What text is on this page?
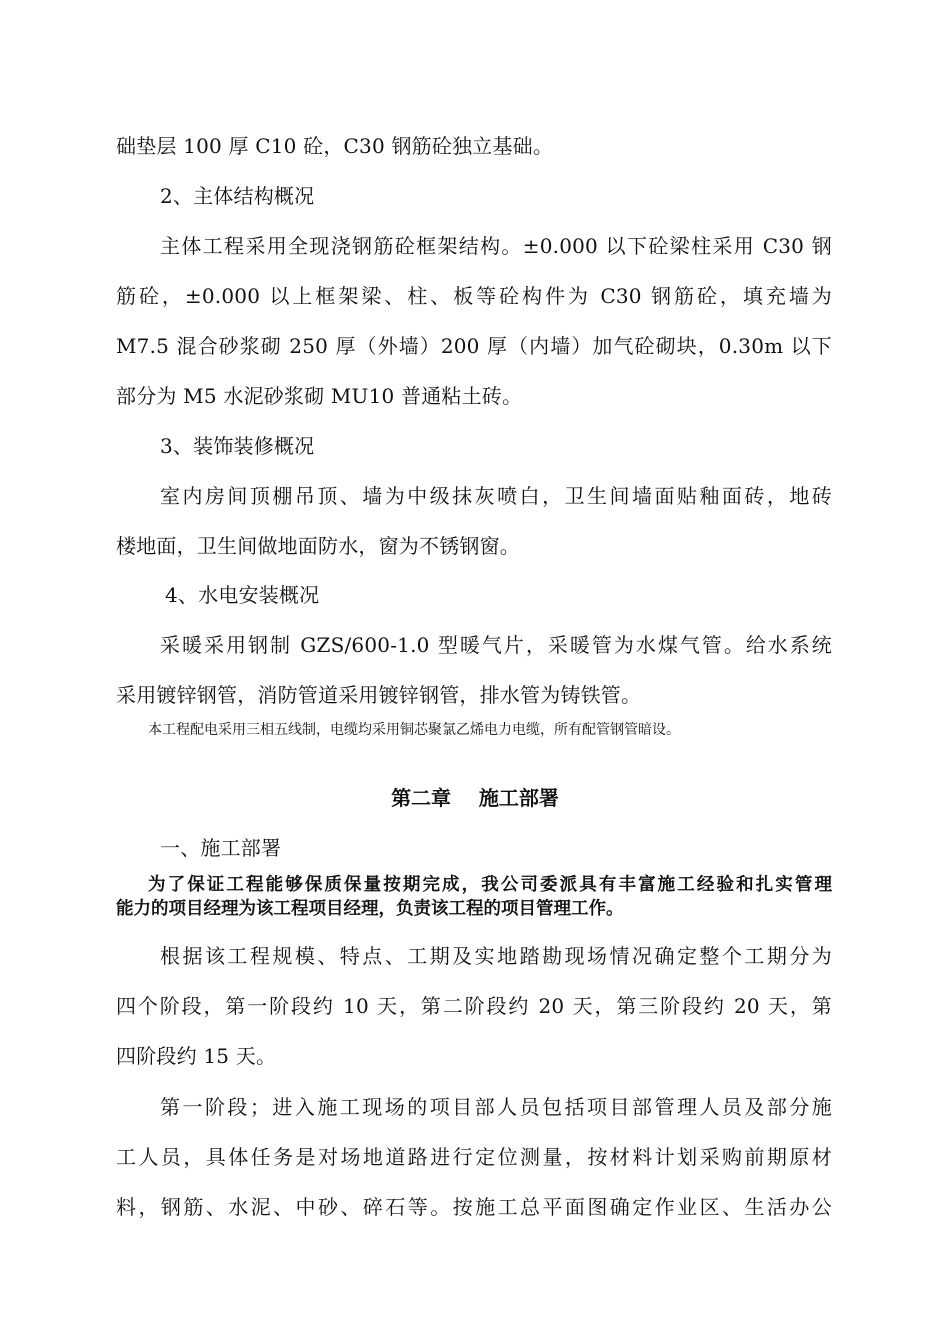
础垫层 100 厚 C10 砼，C30 钢筋砼独立基础。
2、主体结构概况
主体工程采用全现浇钢筋砼框架结构。±0.000 以下砼梁柱采用 C30 钢
筋砼，±0.000 以上框架梁、柱、板等砼构件为 C30 钢筋砼，填充墙为
M7.5 混合砂浆砌 250 厚（外墙）200 厚（内墙）加气砼砌块，0.30m 以下
部分为 M5 水泥砂浆砌 MU10 普通粘土砖。
3、装饰装修概况
室内房间顶棚吊顶、墙为中级抹灰喷白，卫生间墙面贴釉面砖，地砖
楼地面，卫生间做地面防水，窗为不锈钢窗。
4、水电安装概况
采暖采用钢制 GZS/600-1.0 型暖气片，采暖管为水煤气管。给水系统
采用镀锌钢管，消防管道采用镀锌钢管，排水管为铸铁管。
本工程配电采用三相五线制，电缆均采用铜芯聚氯乙烯电力电缆，所有配管钢管暗设。
第二章    施工部署
一、施工部署
为了保证工程能够保质保量按期完成，我公司委派具有丰富施工经验和扎实管理
能力的项目经理为该工程项目经理，负责该工程的项目管理工作。
根据该工程规模、特点、工期及实地踏勘现场情况确定整个工期分为
四个阶段，第一阶段约 10 天，第二阶段约 20 天，第三阶段约 20 天，第
四阶段约 15 天。
第一阶段；进入施工现场的项目部人员包括项目部管理人员及部分施
工人员，具体任务是对场地道路进行定位测量，按材料计划采购前期原材
料，钢筋、水泥、中砂、碎石等。按施工总平面图确定作业区、生活办公
